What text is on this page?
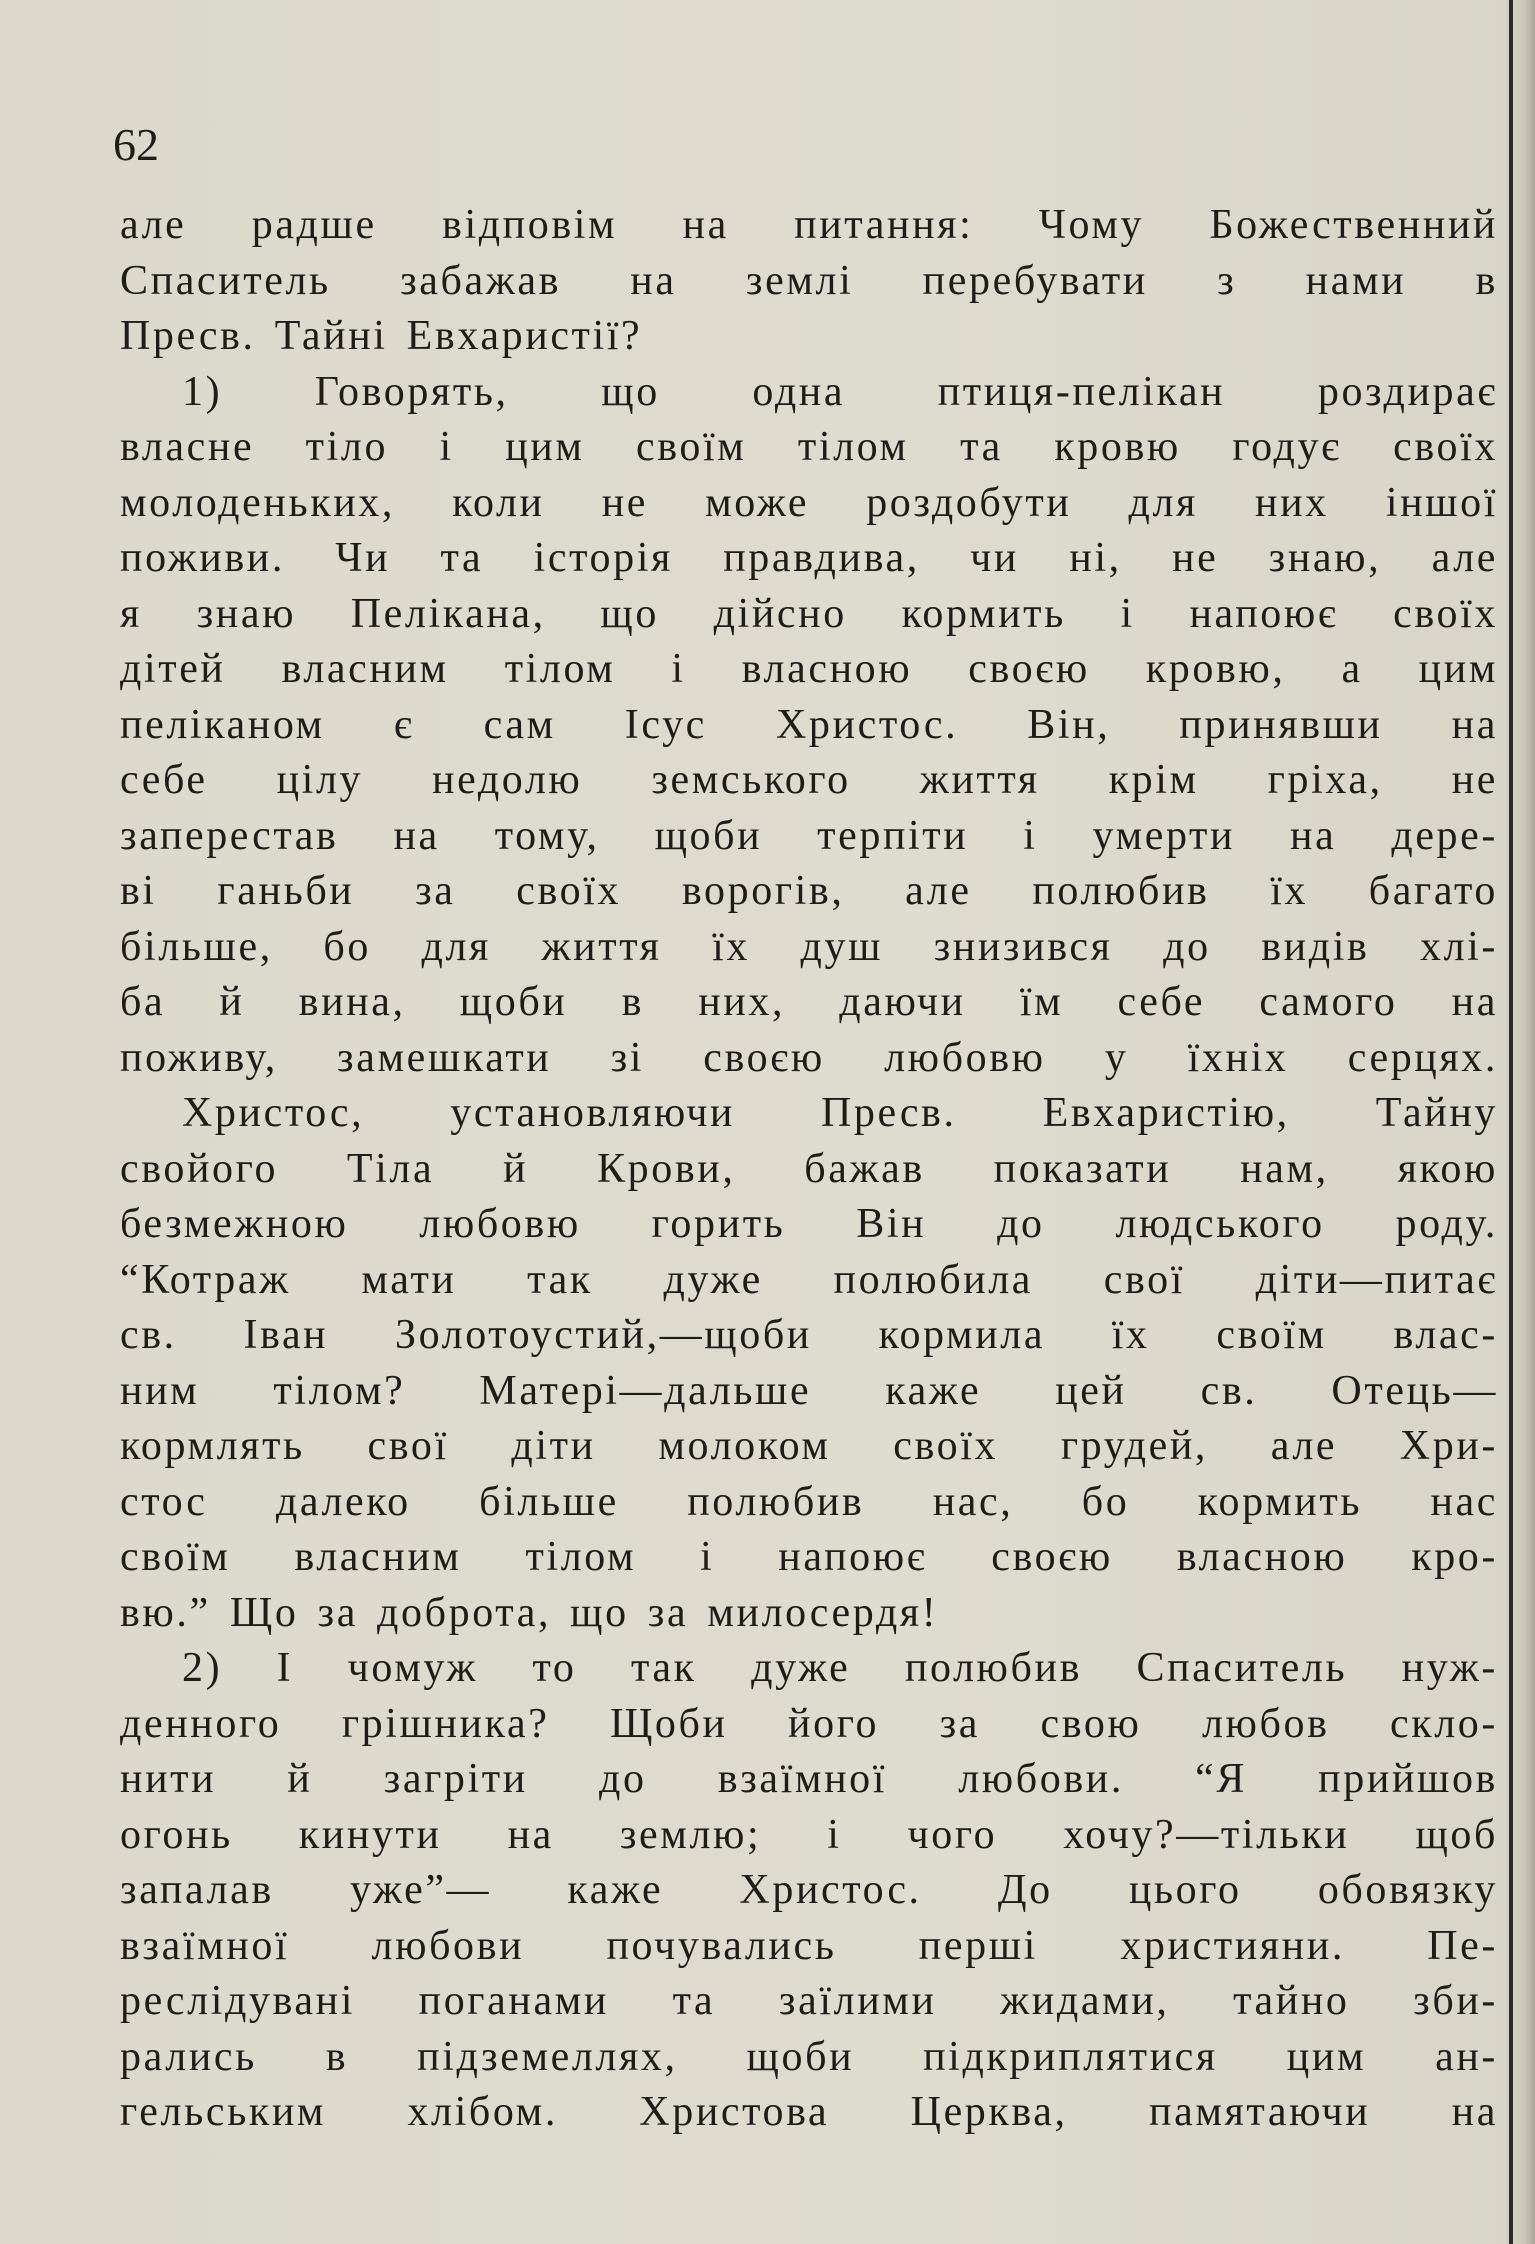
62
але радше відповім на питання: Чому Божественний
Спаситель забажав на землі перебувати з нами в
Пресв. Тайні Евхаристії?
1) Говорять, що одна птиця-пелікан роздирає
власне тіло і цим своїм тілом та кровю годує своїх
молоденьких, коли не може роздобути для них іншої
поживи. Чи та історія правдива, чи ні, не знаю, але
я знаю Пелікана, що дійсно кормить і напоює своїх
дітей власним тілом і власною своєю кровю, а цим
пеліканом є сам Ісус Христос. Він, принявши на
себе цілу недолю земського життя крім гріха, не
заперестав на тому, щоби терпіти і умерти на дере-
ві ганьби за своїх ворогів, але полюбив їх багато
більше, бо для життя їх душ знизився до видів хлі-
ба й вина, щоби в них, даючи їм себе самого на
поживу, замешкати зі своєю любовю у їхніх серцях.
Христос, установляючи Пресв. Евхаристію, Тайну
свойого Тіла й Крови, бажав показати нам, якою
безмежною любовю горить Він до людського роду.
“Котраж мати так дуже полюбила свої діти—питає
св. Іван Золотоустий,—щоби кормила їх своїм влас-
ним тілом? Матері—дальше каже цей св. Отець—
кормлять свої діти молоком своїх грудей, але Хри-
стос далеко більше полюбив нас, бо кормить нас
своїм власним тілом і напоює своєю власною кро-
вю.” Що за доброта, що за милосердя!
2) І чомуж то так дуже полюбив Спаситель нуж-
денного грішника? Щоби його за свою любов скло-
нити й загріти до взаїмної любови. “Я прийшов
огонь кинути на землю; і чого хочу?—тільки щоб
запалав уже”— каже Христос. До цього обовязку
взаїмної любови почувались перші християни. Пе-
реслідувані поганами та заїлими жидами, тайно зби-
рались в підземеллях, щоби підкриплятися цим ан-
гельським хлібом. Христова Церква, памятаючи на
